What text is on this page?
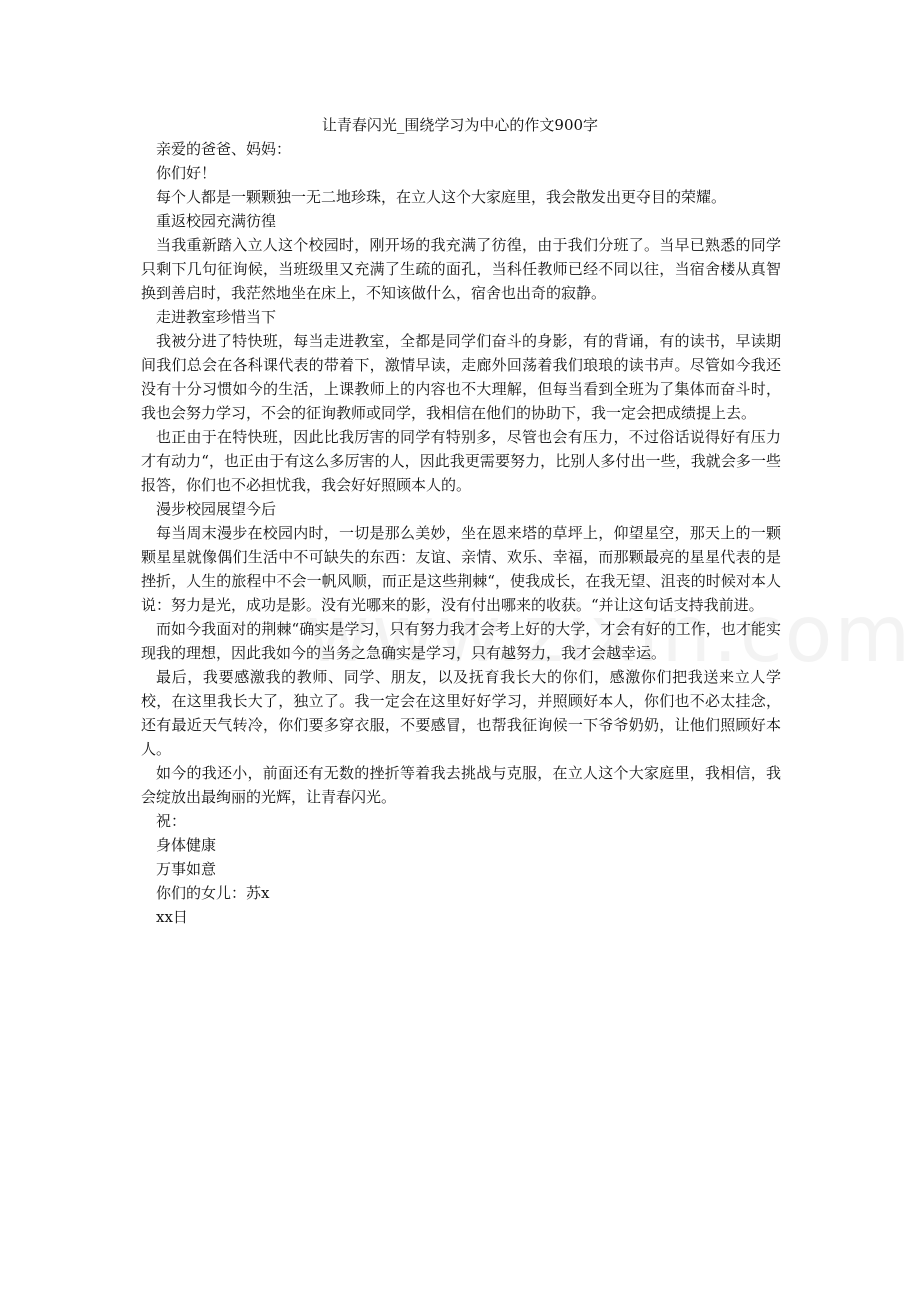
让青春闪光_围绕学习为中心的作文900字

亲爱的爸爸、妈妈：

你们好！

每个人都是一颗颗独一无二地珍珠，在立人这个大家庭里，我会散发出更夺目的荣耀。

重返校园充满彷徨

当我重新踏入立人这个校园时，刚开场的我充满了彷徨，由于我们分班了。当早已熟悉的同学只剩下几句征询候，当班级里又充满了生疏的面孔，当科任教师已经不同以往，当宿舍楼从真智换到善启时，我茫然地坐在床上，不知该做什么，宿舍也出奇的寂静。

走进教室珍惜当下

我被分进了特快班，每当走进教室，全都是同学们奋斗的身影，有的背诵，有的读书，早读期间我们总会在各科课代表的带着下，激情早读，走廊外回荡着我们琅琅的读书声。尽管如今我还没有十分习惯如今的生活，上课教师上的内容也不大理解，但每当看到全班为了集体而奋斗时，我也会努力学习，不会的征询教师或同学，我相信在他们的协助下，我一定会把成绩提上去。

也正由于在特快班，因此比我厉害的同学有特别多，尽管也会有压力，不过俗话说得好有压力才有动力“，也正由于有这么多厉害的人，因此我更需要努力，比别人多付出一些，我就会多一些报答，你们也不必担忧我，我会好好照顾本人的。

漫步校园展望今后

每当周末漫步在校园内时，一切是那么美妙，坐在恩来塔的草坪上，仰望星空，那天上的一颗颗星星就像偶们生活中不可缺失的东西：友谊、亲情、欢乐、幸福，而那颗最亮的星星代表的是挫折，人生的旅程中不会一帆风顺，而正是这些荆棘“，使我成长，在我无望、沮丧的时候对本人说：努力是光，成功是影。没有光哪来的影，没有付出哪来的收获。“并让这句话支持我前进。

而如今我面对的荆棘“确实是学习，只有努力我才会考上好的大学，才会有好的工作，也才能实现我的理想，因此我如今的当务之急确实是学习，只有越努力，我才会越幸运。

最后，我要感激我的教师、同学、朋友，以及抚育我长大的你们，感激你们把我送来立人学校，在这里我长大了，独立了。我一定会在这里好好学习，并照顾好本人，你们也不必太挂念，还有最近天气转冷，你们要多穿衣服，不要感冒，也帮我征询候一下爷爷奶奶，让他们照顾好本人。

如今的我还小，前面还有无数的挫折等着我去挑战与克服，在立人这个大家庭里，我相信，我会绽放出最绚丽的光辉，让青春闪光。

祝：

身体健康

万事如意

你们的女儿：苏x

xx日
